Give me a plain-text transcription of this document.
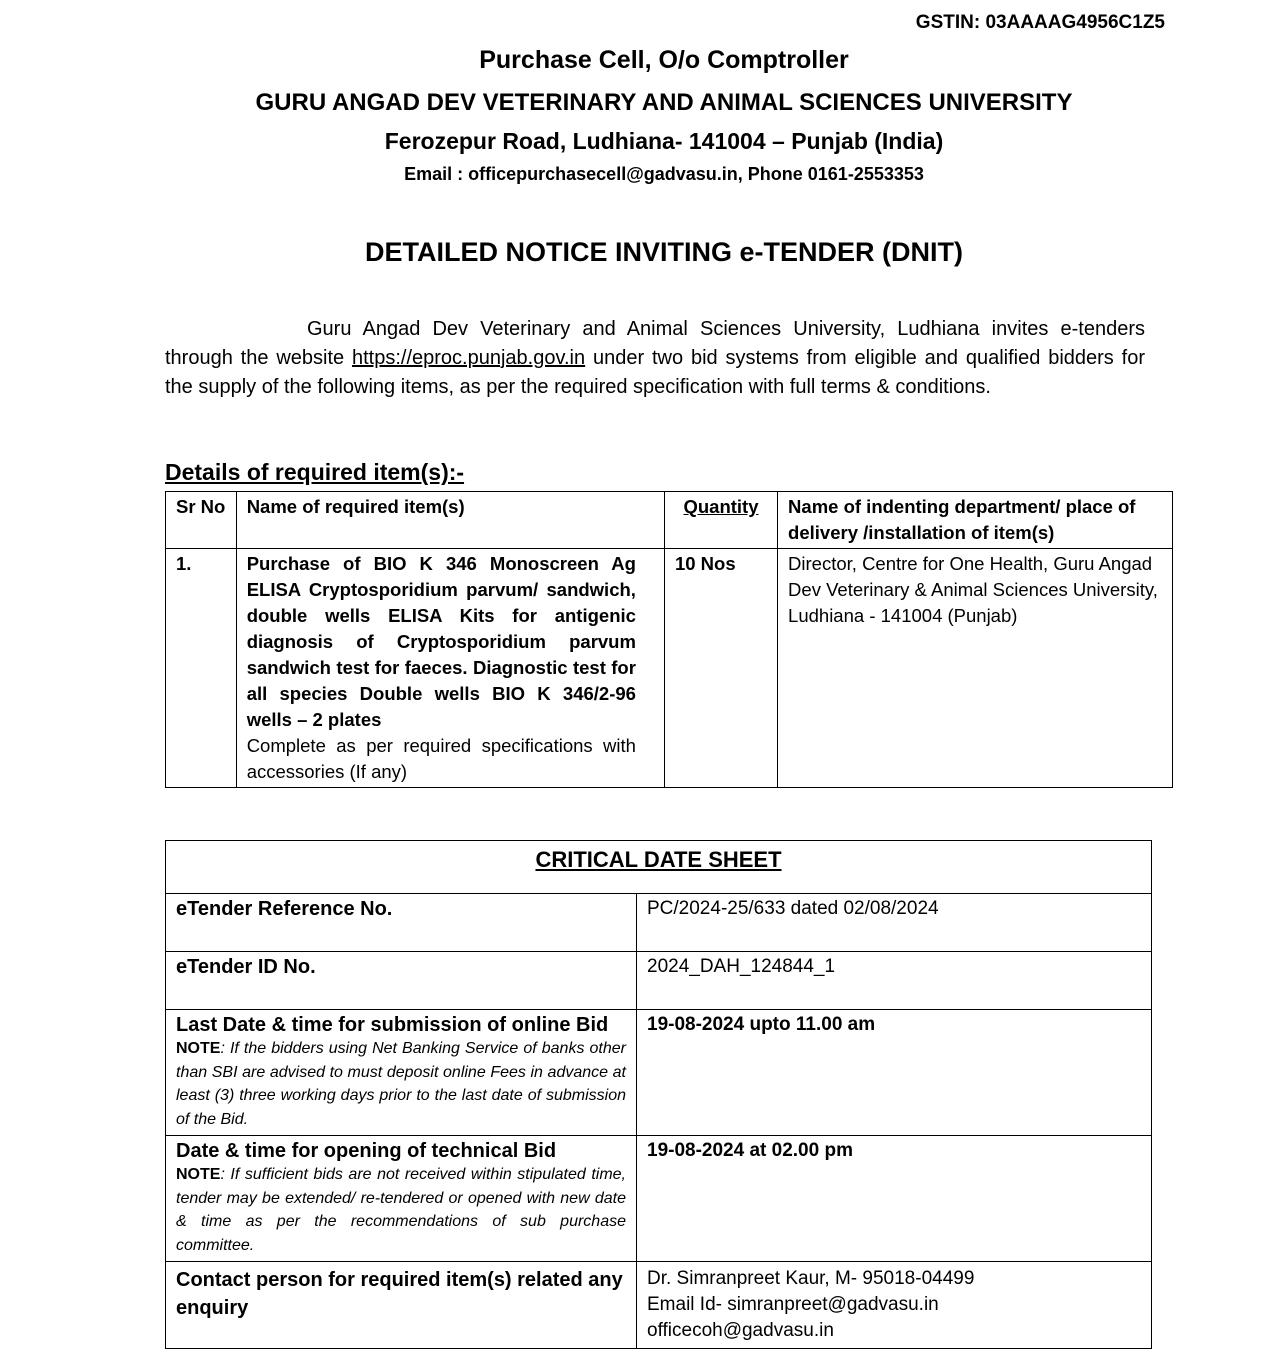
GSTIN: 03AAAAG4956C1Z5
Purchase Cell, O/o Comptroller
GURU ANGAD DEV VETERINARY AND ANIMAL SCIENCES UNIVERSITY
Ferozepur Road, Ludhiana- 141004 – Punjab (India)
Email : officepurchasecell@gadvasu.in, Phone 0161-2553353
DETAILED NOTICE INVITING e-TENDER (DNIT)
Guru Angad Dev Veterinary and Animal Sciences University, Ludhiana invites e-tenders through the website https://eproc.punjab.gov.in under two bid systems from eligible and qualified bidders for the supply of the following items, as per the required specification with full terms & conditions.
Details of required item(s):-
Sr No	Name of required item(s)	Quantity	Name of indenting department/ place of delivery /installation of item(s)
1.	Purchase of BIO K 346 Monoscreen Ag ELISA Cryptosporidium parvum/ sandwich, double wells ELISA Kits for antigenic diagnosis of Cryptosporidium parvum sandwich test for faeces. Diagnostic test for all species Double wells BIO K 346/2-96 wells – 2 plates
Complete as per required specifications with accessories (If any)	10 Nos	Director, Centre for One Health, Guru Angad Dev Veterinary & Animal Sciences University, Ludhiana - 141004 (Punjab)
CRITICAL DATE SHEET	
eTender Reference No.	PC/2024-25/633 dated 02/08/2024
eTender ID No.	2024_DAH_124844_1
Last Date & time for submission of online Bid
NOTE: If the bidders using Net Banking Service of banks other than SBI are advised to must deposit online Fees in advance at least (3) three working days prior to the last date of submission of the Bid.	19-08-2024 upto 11.00 am
Date & time for opening of technical Bid
NOTE: If sufficient bids are not received within stipulated time, tender may be extended/ re-tendered or opened with new date & time as per the recommendations of sub purchase committee.	19-08-2024 at 02.00 pm
Contact person for required item(s) related any enquiry	Dr. Simranpreet Kaur, M- 95018-04499
Email Id- simranpreet@gadvasu.in
officecoh@gadvasu.in
